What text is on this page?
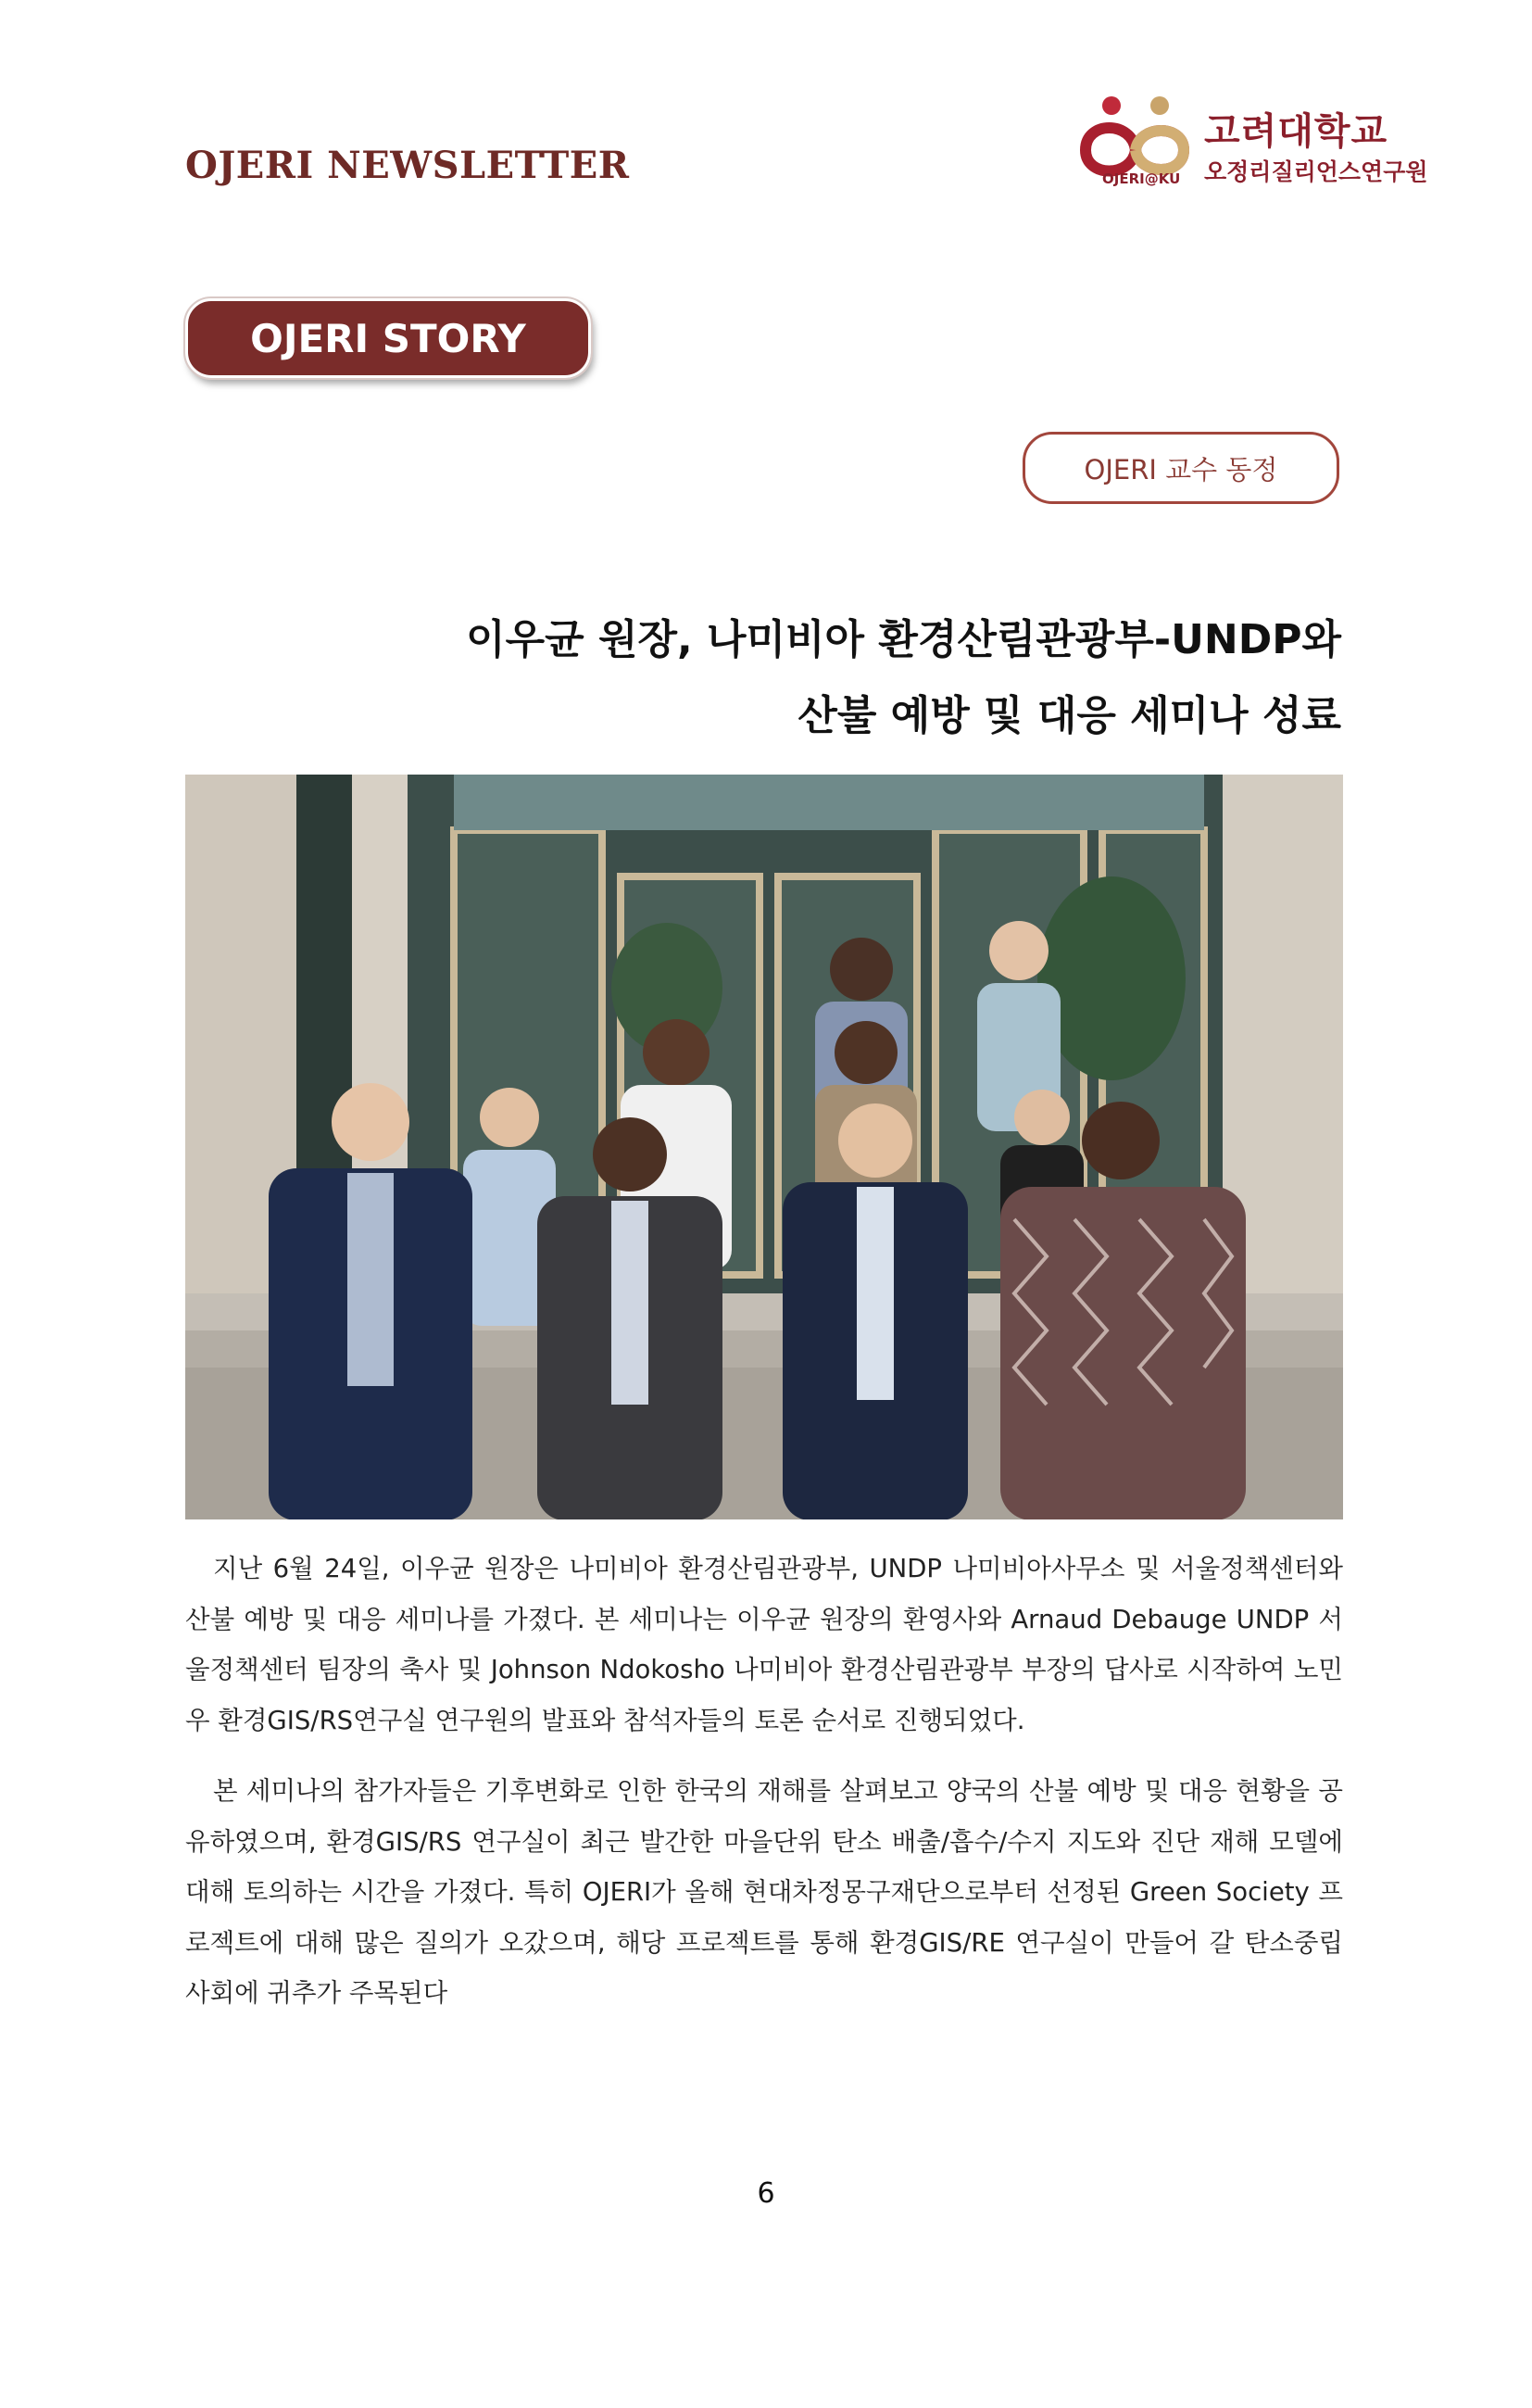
OJERI NEWSLETTER	OJERI@KU
고려대학교
오정리질리언스연구원
OJERI STORY
OJERI 교수 동정
이우균 원장, 나미비아 환경산림관광부-UNDP와
산불 예방 및 대응 세미나 성료

지난 6월 24일, 이우균 원장은 나미비아 환경산림관광부, UNDP 나미비아사무소 및 서울정책센터와 산불 예방 및 대응 세미나를 가졌다. 본 세미나는 이우균 원장의 환영사와 Arnaud Debauge UNDP 서울정책센터 팀장의 축사 및 Johnson Ndokosho 나미비아 환경산림관광부 부장의 답사로 시작하여 노민우 환경GIS/RS연구실 연구원의 발표와 참석자들의 토론 순서로 진행되었다.

본 세미나의 참가자들은 기후변화로 인한 한국의 재해를 살펴보고 양국의 산불 예방 및 대응 현황을 공유하였으며, 환경GIS/RS 연구실이 최근 발간한 마을단위 탄소 배출/흡수/수지 지도와 진단 재해 모델에 대해 토의하는 시간을 가졌다. 특히 OJERI가 올해 현대차정몽구재단으로부터 선정된 Green Society 프로젝트에 대해 많은 질의가 오갔으며, 해당 프로젝트를 통해 환경GIS/RE 연구실이 만들어 갈 탄소중립 사회에 귀추가 주목된다

6
